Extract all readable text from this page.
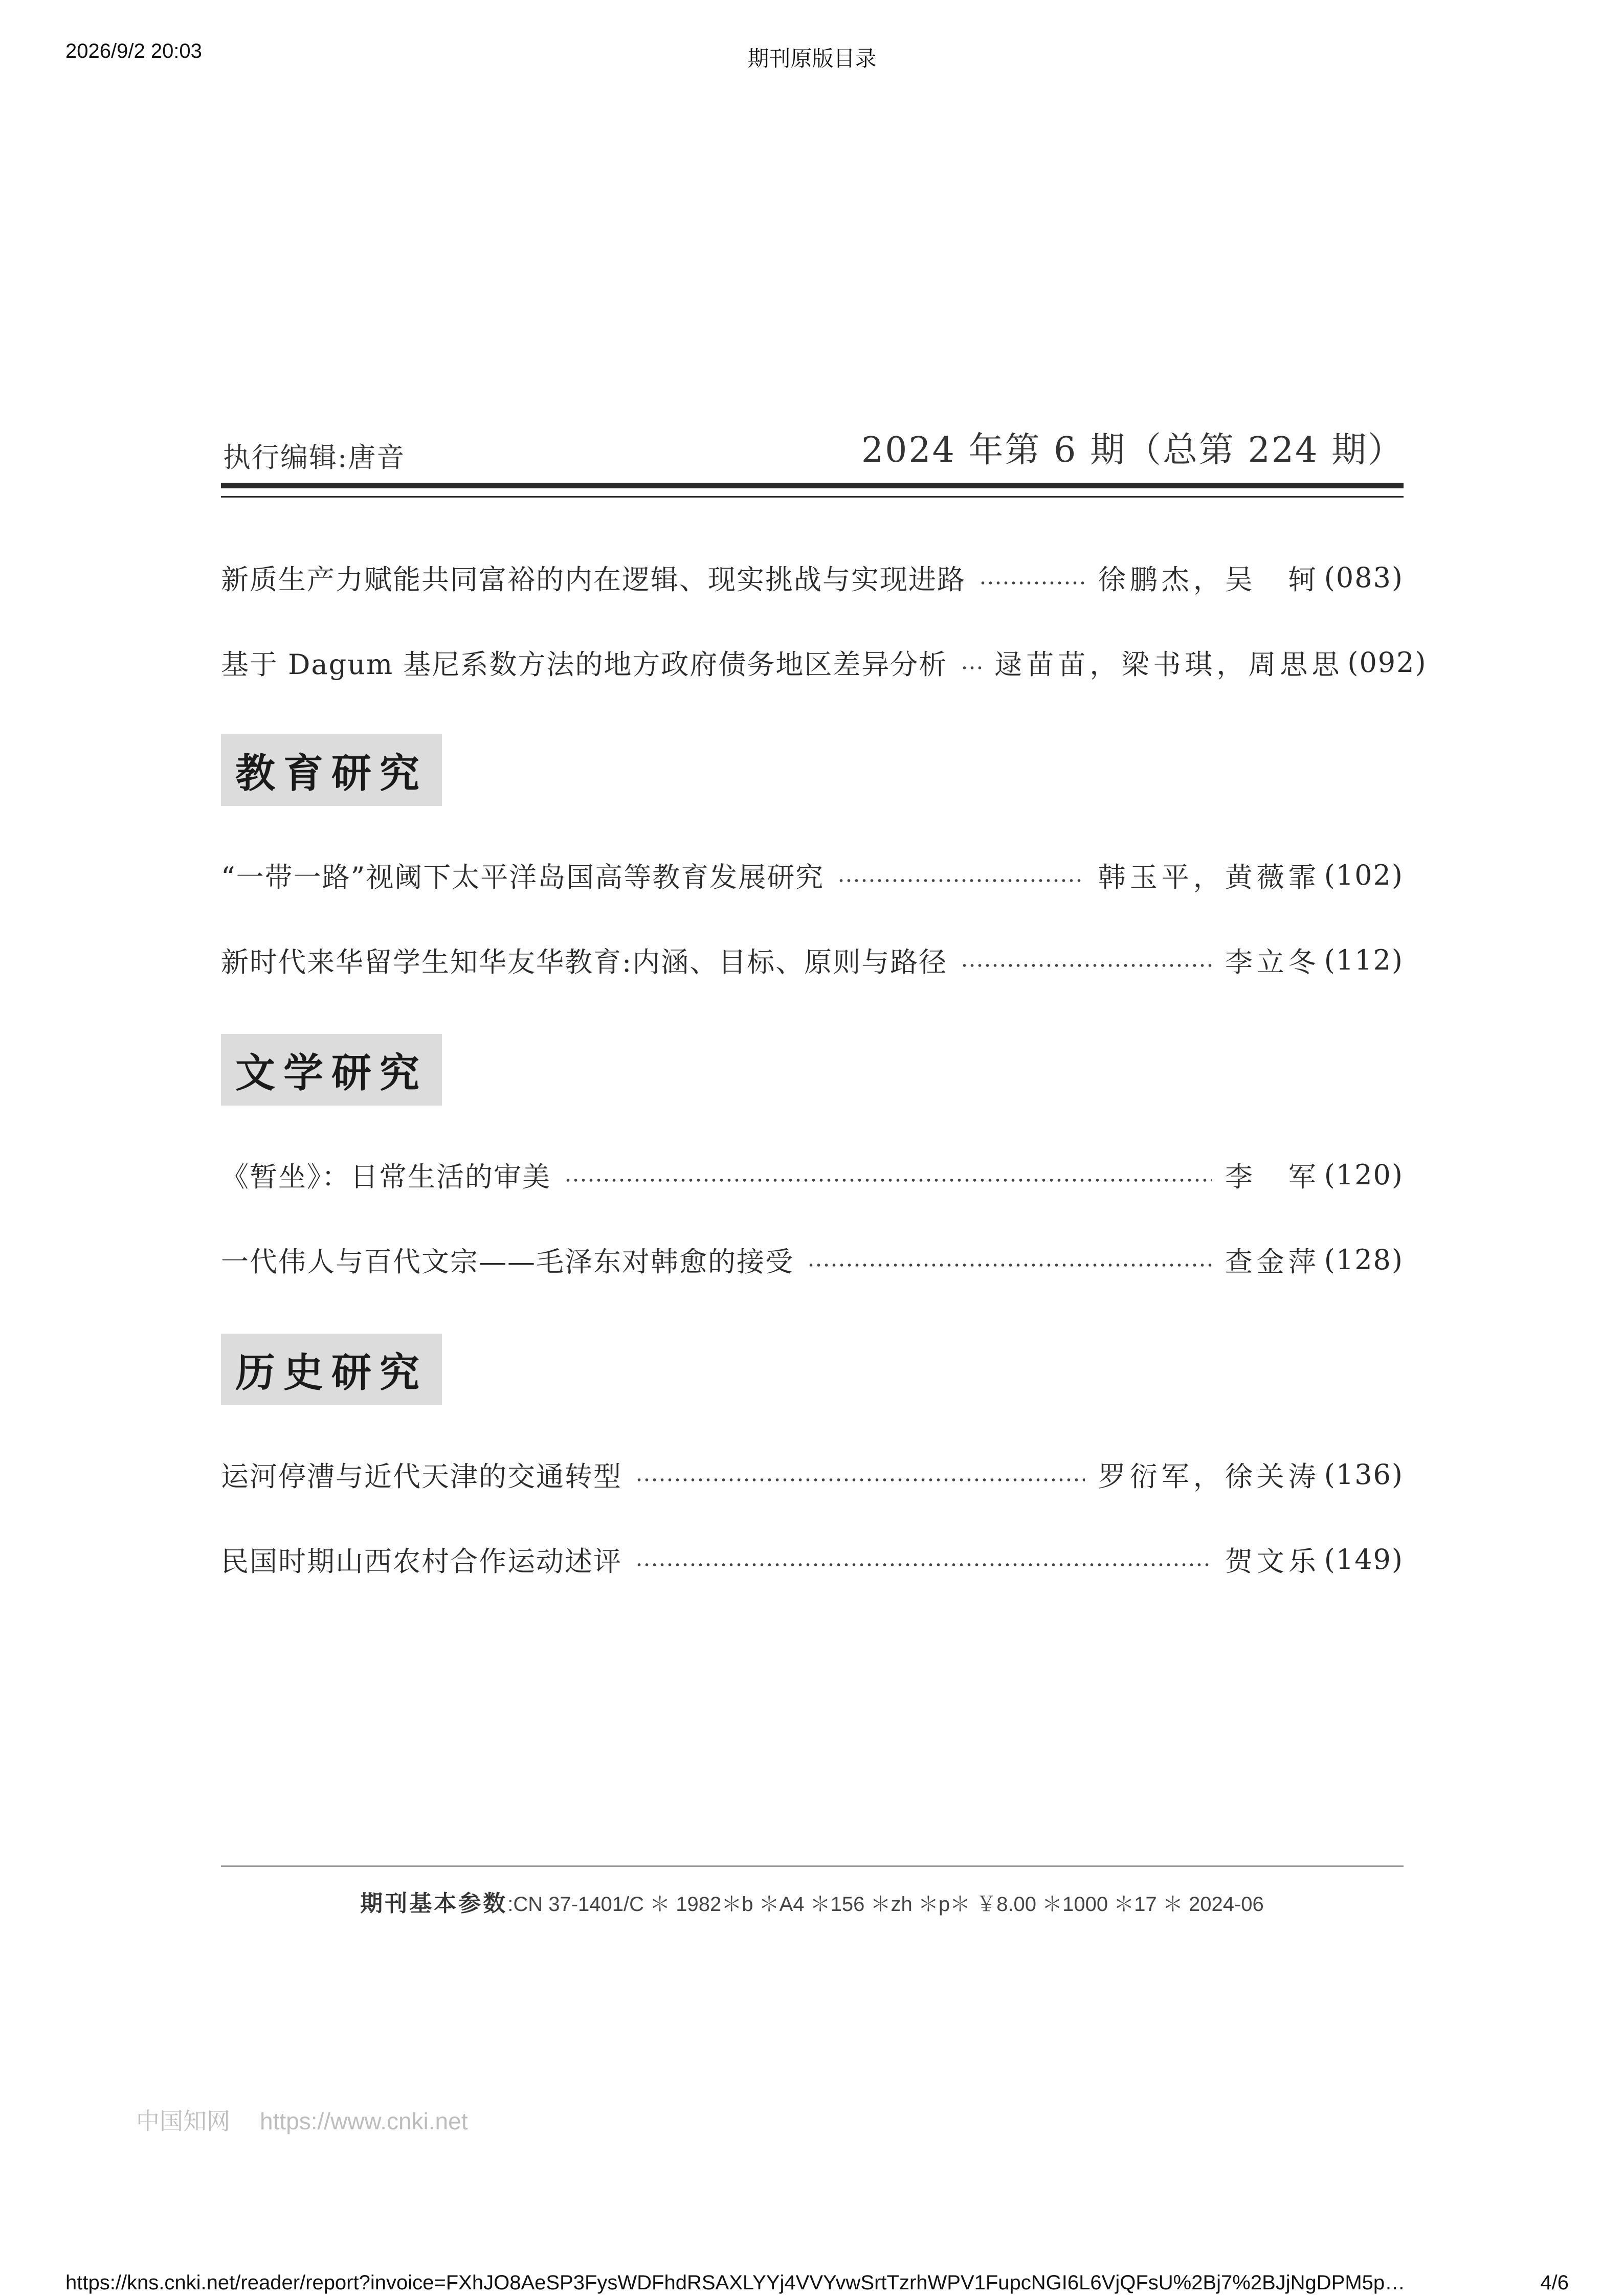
2026/9/2 20:03	期刊原版目录
执行编辑:唐音	2024 年第 6 期（总第 224 期）
新质生产力赋能共同富裕的内在逻辑、现实挑战与实现进路	徐鹏杰，吴　轲 (083)
基于 Dagum 基尼系数方法的地方政府债务地区差异分析 逯苗苗，梁书琪，周思思 (092)
教育研究
“一带一路”视阈下太平洋岛国高等教育发展研究	韩玉平，黄薇霏 (102)
新时代来华留学生知华友华教育:内涵、目标、原则与路径	李立冬 (112)
文学研究
《暂坐》：日常生活的审美	李　军 (120)
一代伟人与百代文宗——毛泽东对韩愈的接受	查金萍 (128)
历史研究
运河停漕与近代天津的交通转型	罗衍军，徐关涛 (136)
民国时期山西农村合作运动述评	贺文乐 (149)
期刊基本参数:CN 37-1401/C ＊ 1982＊b ＊A4 ＊156 ＊zh ＊p＊ ￥8.00 ＊1000 ＊17 ＊ 2024-06
中国知网 https://www.cnki.net
https://kns.cnki.net/reader/report?invoice=FXhJO8AeSP3FysWDFhdRSAXLYYj4VVYvwSrtTzrhWPV1FupcNGI6L6VjQFsU%2Bj7%2BJjNgDPM5p…	4/6
